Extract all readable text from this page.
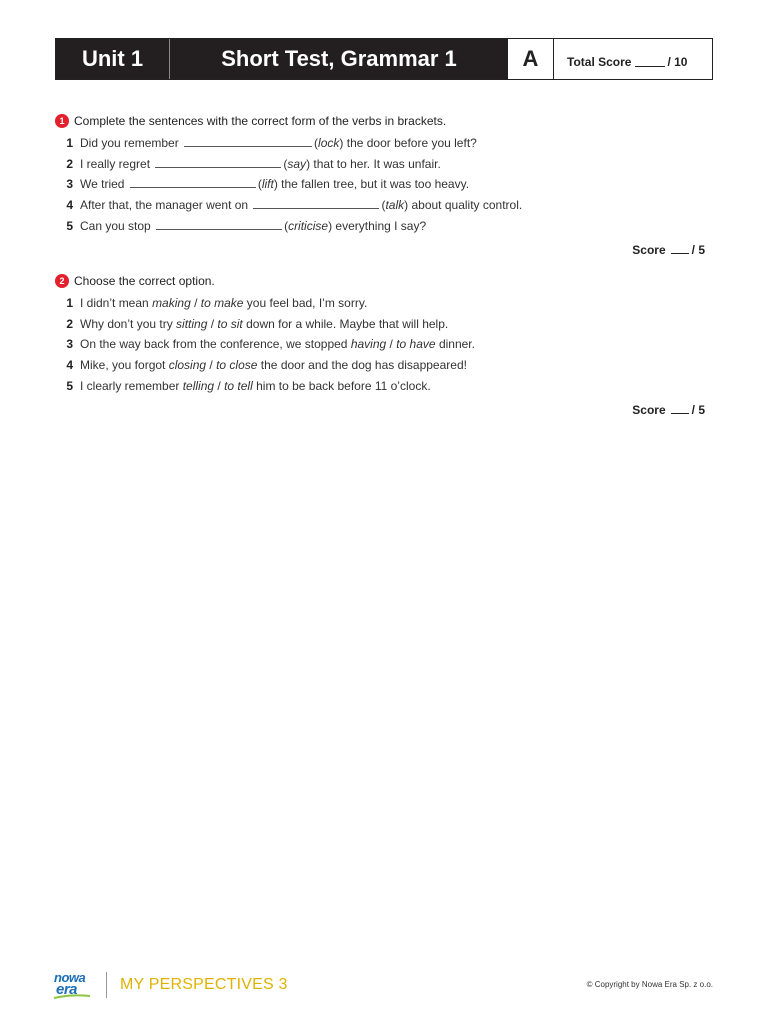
Unit 1	Short Test, Grammar 1	A	Total Score	/ 10
1 Complete the sentences with the correct form of the verbs in brackets.
1 Did you remember	(lock) the door before you left?
2 I really regret	(say) that to her. It was unfair.
3 We tried	(lift) the fallen tree, but it was too heavy.
4 After that, the manager went on	(talk) about quality control.
5 Can you stop	(criticise) everything I say?
Score / 5
2 Choose the correct option.
1 I didn’t mean making / to make you feel bad, I’m sorry.
2 Why don’t you try sitting / to sit down for a while. Maybe that will help.
3 On the way back from the conference, we stopped having / to have dinner.
4 Mike, you forgot closing / to close the door and the dog has disappeared!
5 I clearly remember telling / to tell him to be back before 11 o’clock.
Score / 5
nowa
era	MY PERSPECTIVES 3	© Copyright by Nowa Era Sp. z o.o.
